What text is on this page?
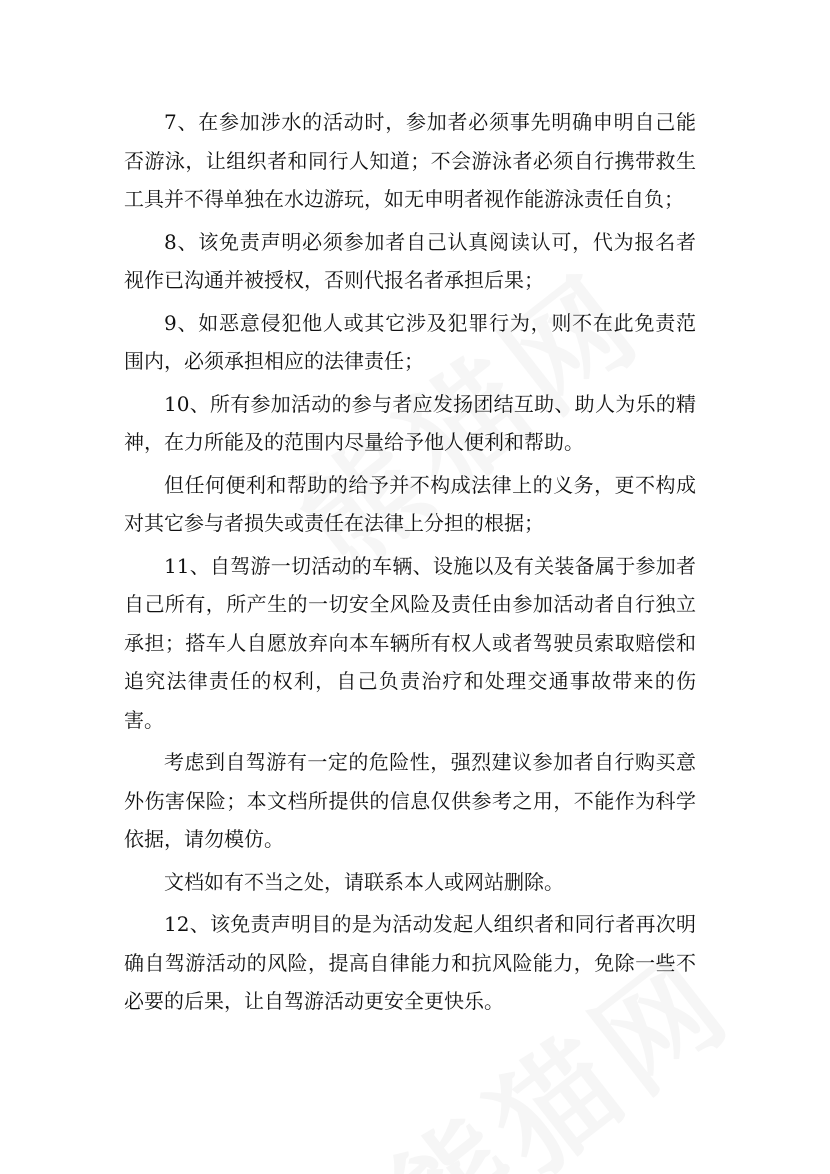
7、在参加涉水的活动时，参加者必须事先明确申明自己能否游泳，让组织者和同行人知道；不会游泳者必须自行携带救生工具并不得单独在水边游玩，如无申明者视作能游泳责任自负；

8、该免责声明必须参加者自己认真阅读认可，代为报名者视作已沟通并被授权，否则代报名者承担后果；

9、如恶意侵犯他人或其它涉及犯罪行为，则不在此免责范围内，必须承担相应的法律责任；

10、所有参加活动的参与者应发扬团结互助、助人为乐的精神，在力所能及的范围内尽量给予他人便利和帮助。

但任何便利和帮助的给予并不构成法律上的义务，更不构成对其它参与者损失或责任在法律上分担的根据；

11、自驾游一切活动的车辆、设施以及有关装备属于参加者自己所有，所产生的一切安全风险及责任由参加活动者自行独立承担；搭车人自愿放弃向本车辆所有权人或者驾驶员索取赔偿和追究法律责任的权利，自己负责治疗和处理交通事故带来的伤害。

考虑到自驾游有一定的危险性，强烈建议参加者自行购买意外伤害保险；本文档所提供的信息仅供参考之用，不能作为科学依据，请勿模仿。

文档如有不当之处，请联系本人或网站删除。

12、该免责声明目的是为活动发起人组织者和同行者再次明确自驾游活动的风险，提高自律能力和抗风险能力，免除一些不必要的后果，让自驾游活动更安全更快乐。
